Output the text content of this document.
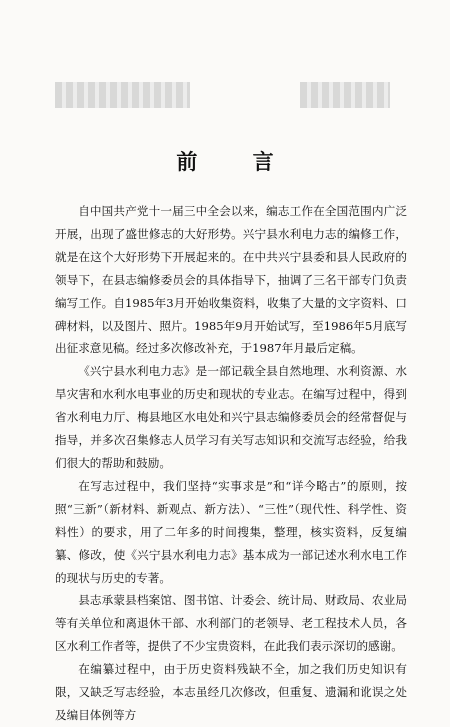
前 言

自中国共产党十一届三中全会以来，编志工作在全国范围内广泛开展，出现了盛世修志的大好形势。兴宁县水利电力志的编修工作，就是在这个大好形势下开展起来的。在中共兴宁县委和县人民政府的领导下，在县志编修委员会的具体指导下，抽调了三名干部专门负责编写工作。自1985年3月开始收集资料，收集了大量的文字资料、口碑材料，以及图片、照片。1985年9月开始试写，至1986年5月底写出征求意见稿。经过多次修改补充，于1987年月最后定稿。

《兴宁县水利电力志》是一部记载全县自然地理、水利资源、水旱灾害和水利水电事业的历史和现状的专业志。在编写过程中，得到省水利电力厅、梅县地区水电处和兴宁县志编修委员会的经常督促与指导，并多次召集修志人员学习有关写志知识和交流写志经验，给我们很大的帮助和鼓励。

在写志过程中，我们坚持“实事求是”和“详今略古”的原则，按照“三新”（新材料、新观点、新方法）、“三性”（现代性、科学性、资料性）的要求，用了二年多的时间搜集，整理，核实资料，反复编纂、修改，使《兴宁县水利电力志》基本成为一部记述水利水电工作的现状与历史的专著。

县志承蒙县档案馆、图书馆、计委会、统计局、财政局、农业局等有关单位和离退休干部、水利部门的老领导、老工程技术人员，各区水利工作者等，提供了不少宝贵资料，在此我们表示深切的感谢。

在编纂过程中，由于历史资料残缺不全，加之我们历史知识有限，又缺乏写志经验，本志虽经几次修改，但重复、遗漏和讹误之处及编目体例等方
